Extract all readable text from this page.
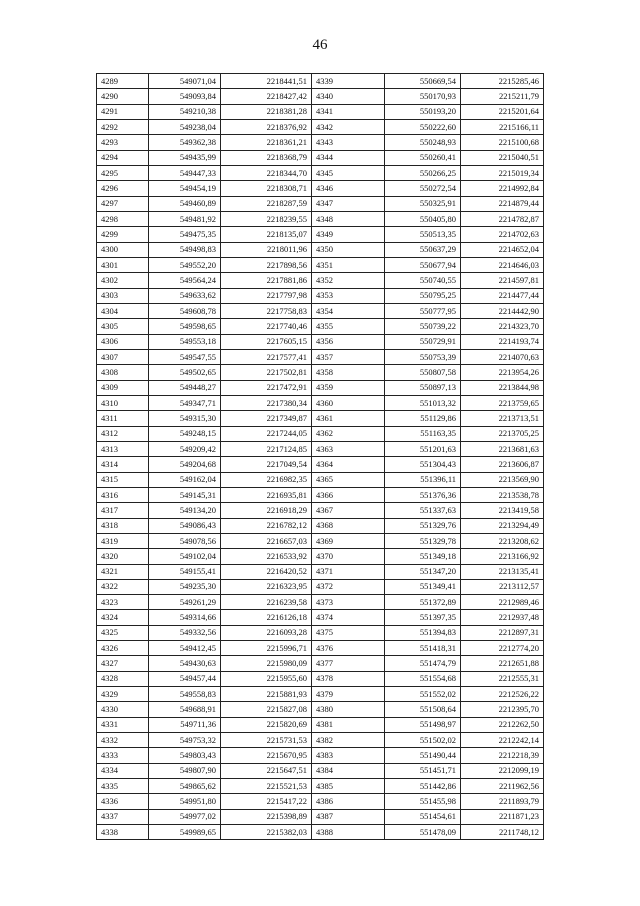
46
4289	549071,04	2218441,51	4339	550669,54	2215285,46
4290	549093,84	2218427,42	4340	550170,93	2215211,79
4291	549210,38	2218381,28	4341	550193,20	2215201,64
4292	549238,04	2218376,92	4342	550222,60	2215166,11
4293	549362,38	2218361,21	4343	550248,93	2215100,68
4294	549435,99	2218368,79	4344	550260,41	2215040,51
4295	549447,33	2218344,70	4345	550266,25	2215019,34
4296	549454,19	2218308,71	4346	550272,54	2214992,84
4297	549460,89	2218287,59	4347	550325,91	2214879,44
4298	549481,92	2218239,55	4348	550405,80	2214782,87
4299	549475,35	2218135,07	4349	550513,35	2214702,63
4300	549498,83	2218011,96	4350	550637,29	2214652,04
4301	549552,20	2217898,56	4351	550677,94	2214646,03
4302	549564,24	2217881,86	4352	550740,55	2214597,81
4303	549633,62	2217797,98	4353	550795,25	2214477,44
4304	549608,78	2217758,83	4354	550777,95	2214442,90
4305	549598,65	2217740,46	4355	550739,22	2214323,70
4306	549553,18	2217605,15	4356	550729,91	2214193,74
4307	549547,55	2217577,41	4357	550753,39	2214070,63
4308	549502,65	2217502,81	4358	550807,58	2213954,26
4309	549448,27	2217472,91	4359	550897,13	2213844,98
4310	549347,71	2217380,34	4360	551013,32	2213759,65
4311	549315,30	2217349,87	4361	551129,86	2213713,51
4312	549248,15	2217244,05	4362	551163,35	2213705,25
4313	549209,42	2217124,85	4363	551201,63	2213681,63
4314	549204,68	2217049,54	4364	551304,43	2213606,87
4315	549162,04	2216982,35	4365	551396,11	2213569,90
4316	549145,31	2216935,81	4366	551376,36	2213538,78
4317	549134,20	2216918,29	4367	551337,63	2213419,58
4318	549086,43	2216782,12	4368	551329,76	2213294,49
4319	549078,56	2216657,03	4369	551329,78	2213208,62
4320	549102,04	2216533,92	4370	551349,18	2213166,92
4321	549155,41	2216420,52	4371	551347,20	2213135,41
4322	549235,30	2216323,95	4372	551349,41	2213112,57
4323	549261,29	2216239,58	4373	551372,89	2212989,46
4324	549314,66	2216126,18	4374	551397,35	2212937,48
4325	549332,56	2216093,28	4375	551394,83	2212897,31
4326	549412,45	2215996,71	4376	551418,31	2212774,20
4327	549430,63	2215980,09	4377	551474,79	2212651,88
4328	549457,44	2215955,60	4378	551554,68	2212555,31
4329	549558,83	2215881,93	4379	551552,02	2212526,22
4330	549688,91	2215827,08	4380	551508,64	2212395,70
4331	549711,36	2215820,69	4381	551498,97	2212262,50
4332	549753,32	2215731,53	4382	551502,02	2212242,14
4333	549803,43	2215670,95	4383	551490,44	2212218,39
4334	549807,90	2215647,51	4384	551451,71	2212099,19
4335	549865,62	2215521,53	4385	551442,86	2211962,56
4336	549951,80	2215417,22	4386	551455,98	2211893,79
4337	549977,02	2215398,89	4387	551454,61	2211871,23
4338	549989,65	2215382,03	4388	551478,09	2211748,12
